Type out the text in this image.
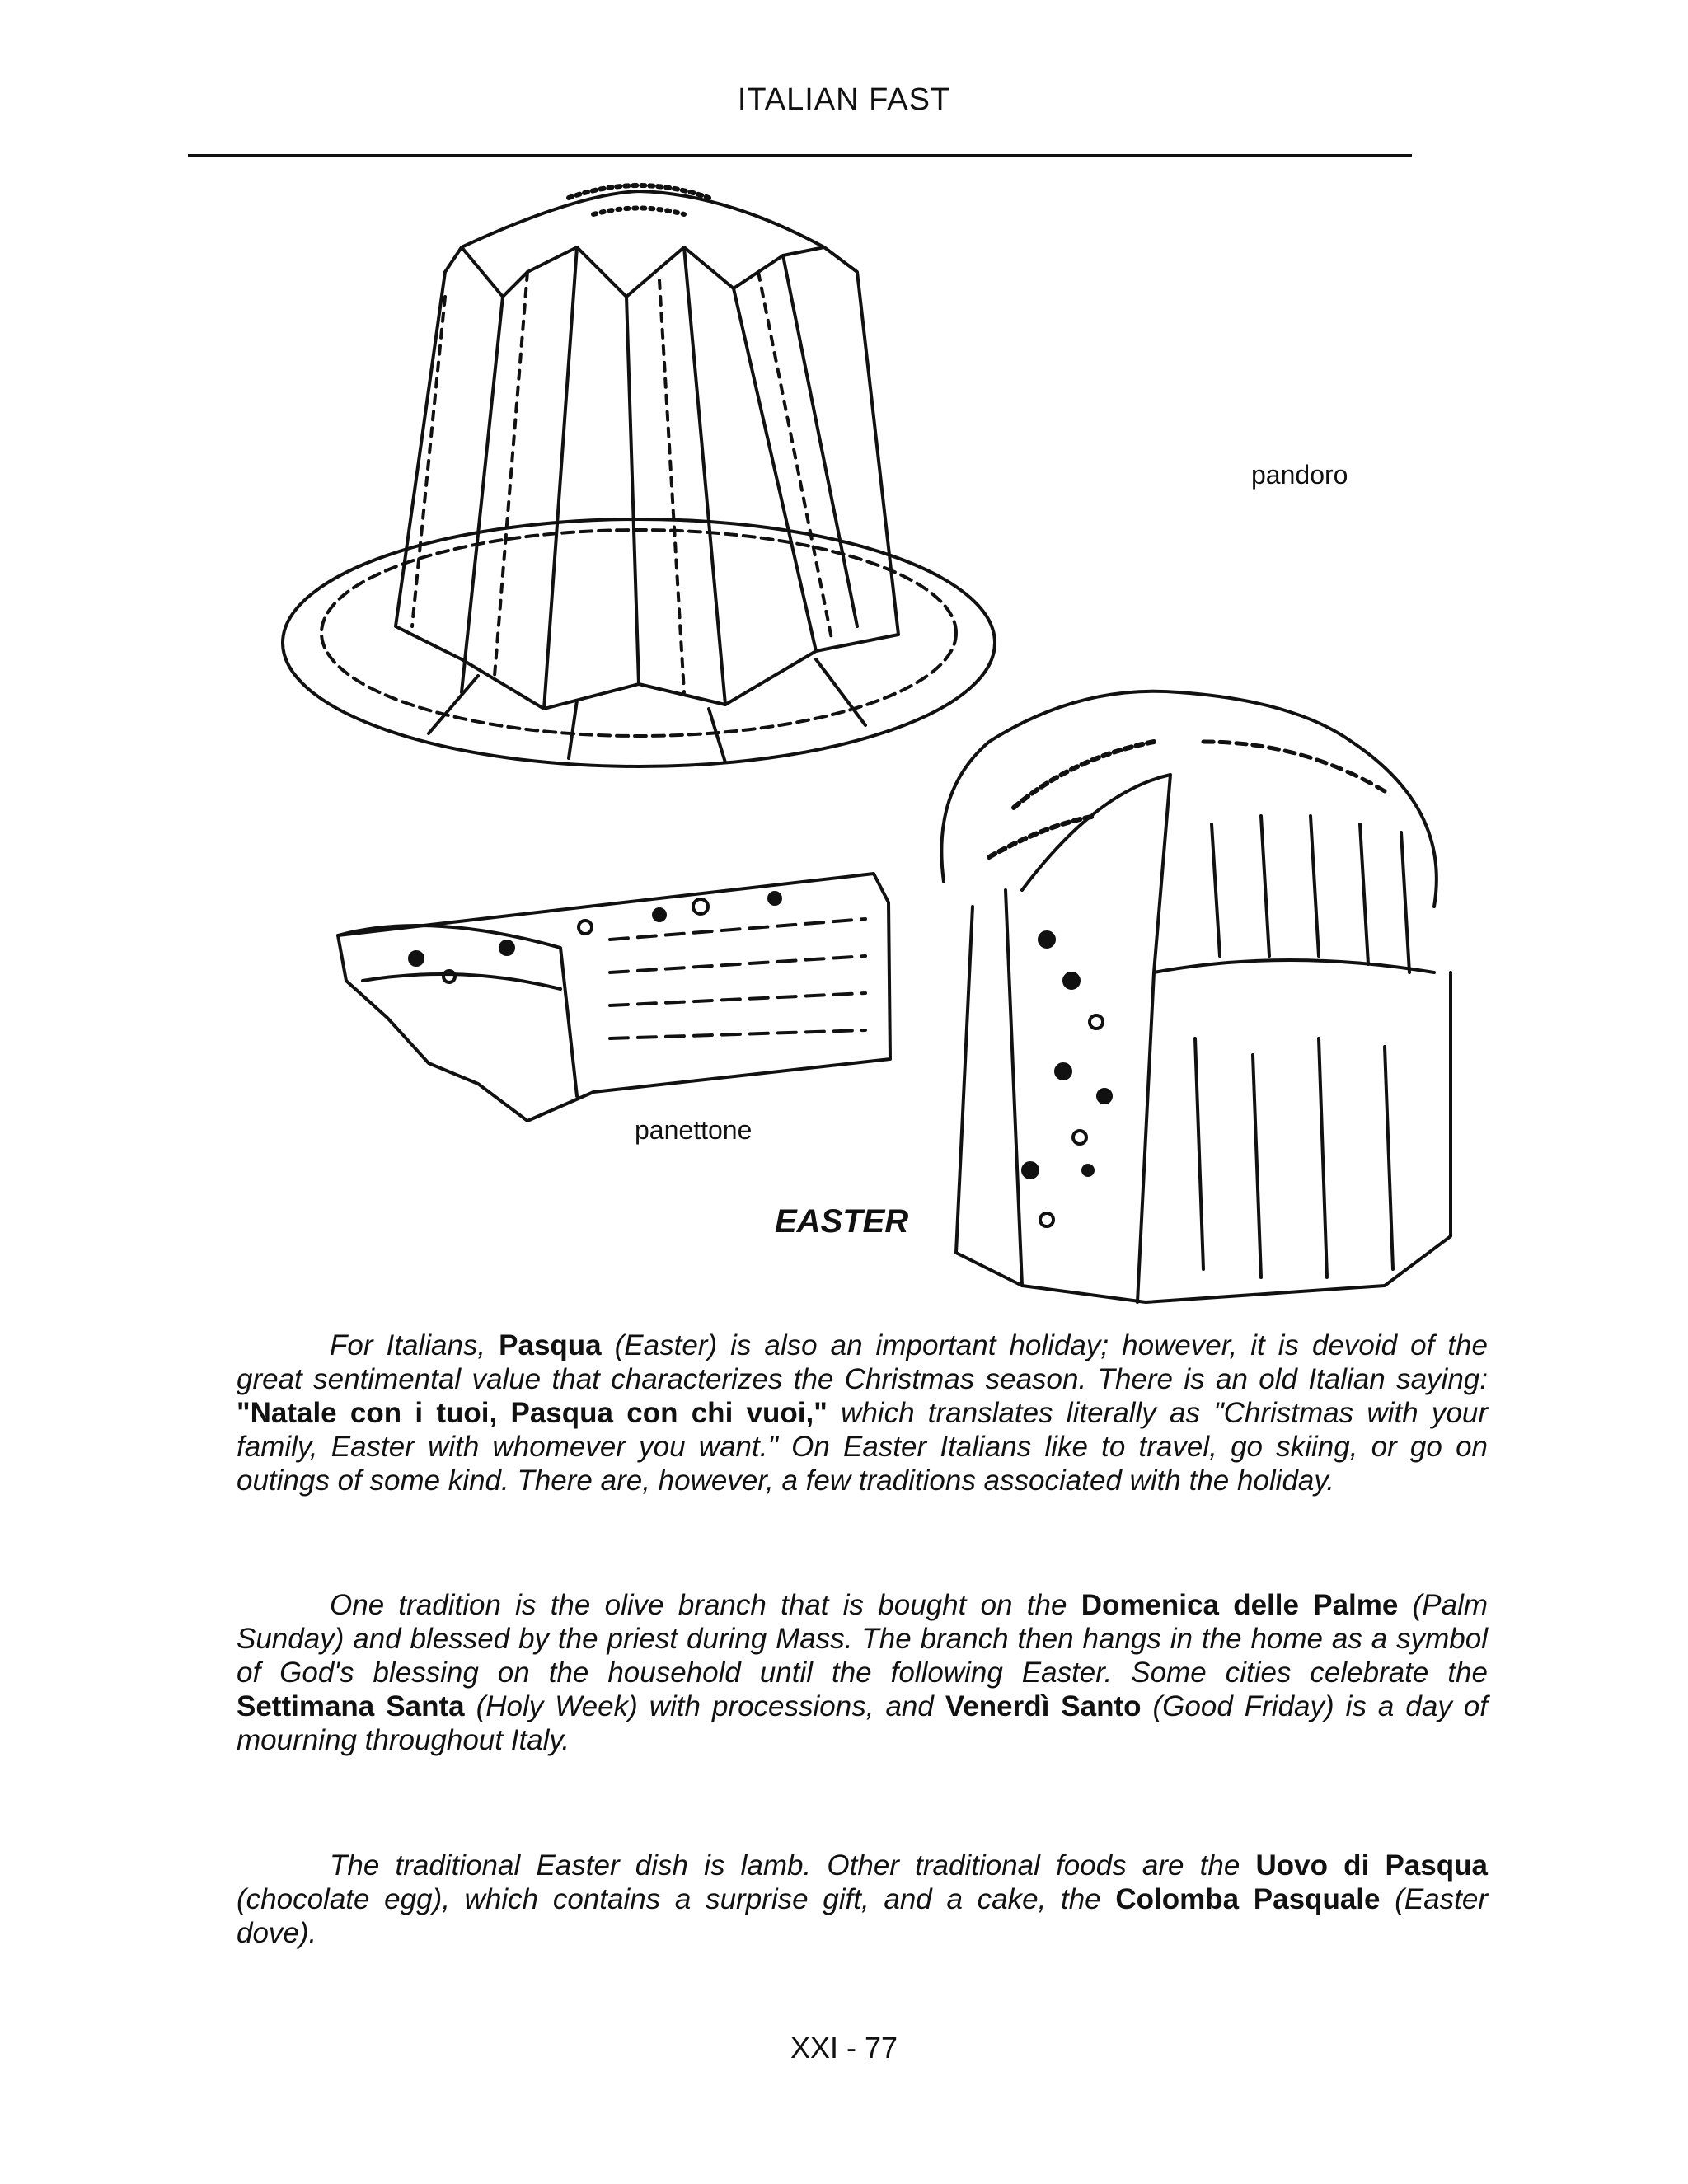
ITALIAN FAST
pandoro
panettone
EASTER

For Italians, Pasqua (Easter) is also an important holiday; however, it is devoid of the great sentimental value that characterizes the Christmas season. There is an old Italian saying: "Natale con i tuoi, Pasqua con chi vuoi," which translates literally as "Christmas with your family, Easter with whomever you want." On Easter Italians like to travel, go skiing, or go on outings of some kind. There are, however, a few traditions associated with the holiday.

One tradition is the olive branch that is bought on the Domenica delle Palme (Palm Sunday) and blessed by the priest during Mass. The branch then hangs in the home as a symbol of God's blessing on the household until the following Easter. Some cities celebrate the Settimana Santa (Holy Week) with processions, and Venerdì Santo (Good Friday) is a day of mourning throughout Italy.

The traditional Easter dish is lamb. Other traditional foods are the Uovo di Pasqua (chocolate egg), which contains a surprise gift, and a cake, the Colomba Pasquale (Easter dove).

XXI - 77
